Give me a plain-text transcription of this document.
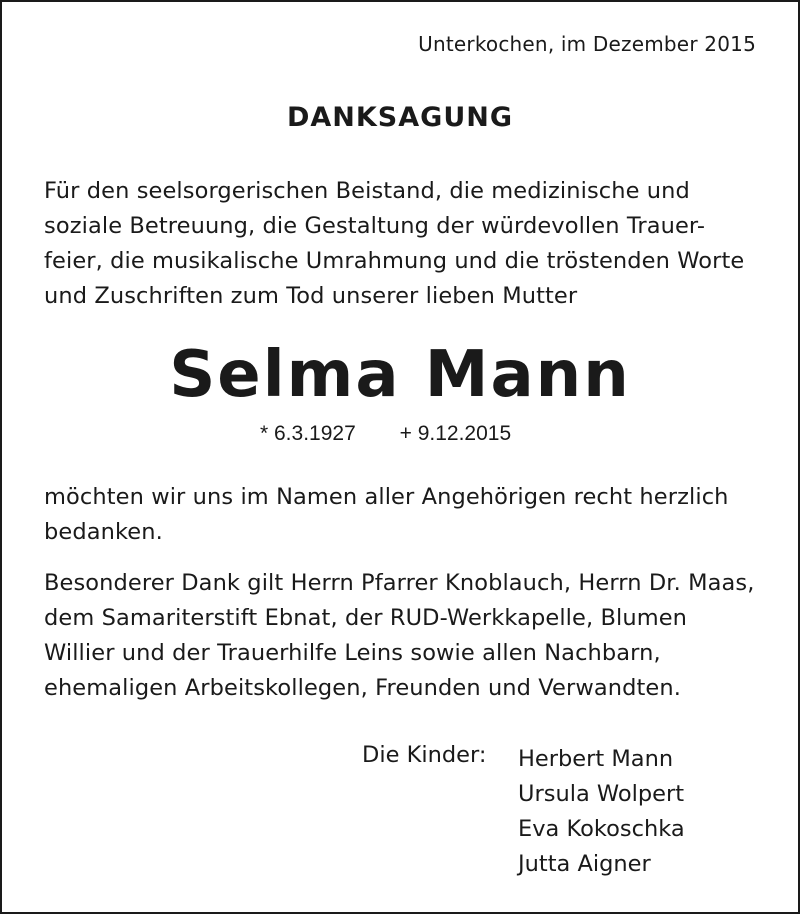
Unterkochen, im Dezember 2015
DANKSAGUNG
Für den seelsorgerischen Beistand, die medizinische und
soziale Betreuung, die Gestaltung der würdevollen Trauer-
feier, die musikalische Umrahmung und die tröstenden Worte
und Zuschriften zum Tod unserer lieben Mutter
Selma Mann
* 6.3.1927 + 9.12.2015
möchten wir uns im Namen aller Angehörigen recht herzlich
bedanken.
Besonderer Dank gilt Herrn Pfarrer Knoblauch, Herrn Dr. Maas,
dem Samariterstift Ebnat, der RUD-Werkkapelle, Blumen
Willier und der Trauerhilfe Leins sowie allen Nachbarn,
ehemaligen Arbeitskollegen, Freunden und Verwandten.
Die Kinder: Herbert Mann
Ursula Wolpert
Eva Kokoschka
Jutta Aigner
